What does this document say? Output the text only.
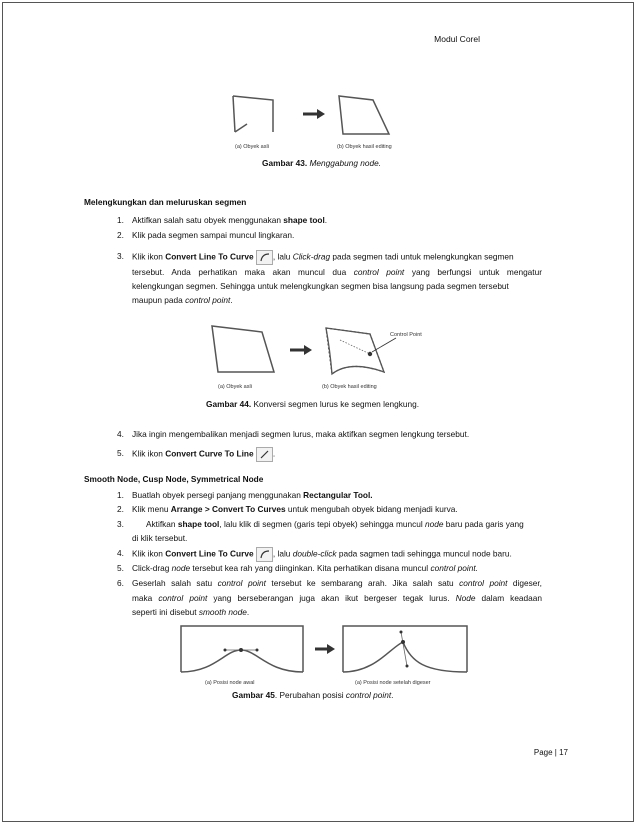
Modul Corel
(a) Obyek asli	(b) Obyek hasil editing
Gambar 43. Menggabung node.
Melengkungkan dan meluruskan segmen
1. Aktifkan salah satu obyek menggunakan shape tool.
2. Klik pada segmen sampai muncul lingkaran.
3. Klik ikon Convert Line To Curve , lalu Click-drag pada segmen tadi untuk melengkungkan segmen
tersebut. Anda perhatikan maka akan muncul dua control point yang berfungsi untuk mengatur
kelengkungan segmen. Sehingga untuk melengkungkan segmen bisa langsung pada segmen tersebut
maupun pada control point.
Control Point
(a) Obyek asli	(b) Obyek hasil editing
Gambar 44. Konversi segmen lurus ke segmen lengkung.
4. Jika ingin mengembalikan menjadi segmen lurus, maka aktifkan segmen lengkung tersebut.
5. Klik ikon Convert Curve To Line .
Smooth Node, Cusp Node, Symmetrical Node
1. Buatlah obyek persegi panjang menggunakan Rectangular Tool.
2. Klik menu Arrange > Convert To Curves untuk mengubah obyek bidang menjadi kurva.
3.	Aktifkan shape tool, lalu klik di segmen (garis tepi obyek) sehingga muncul node baru pada garis yang
di klik tersebut.
4. Klik ikon Convert Line To Curve , lalu double-click pada sagmen tadi sehingga muncul node baru.
5. Click-drag node tersebut kea rah yang diinginkan. Kita perhatikan disana muncul control point.
6. Geserlah salah satu control point tersebut ke sembarang arah. Jika salah satu control point digeser,
maka control point yang berseberangan juga akan ikut bergeser tegak lurus. Node dalam keadaan
seperti ini disebut smooth node.
(a) Posisi node awal	(a) Posisi node setelah digeser
Gambar 45. Perubahan posisi control point.
Page | 17
